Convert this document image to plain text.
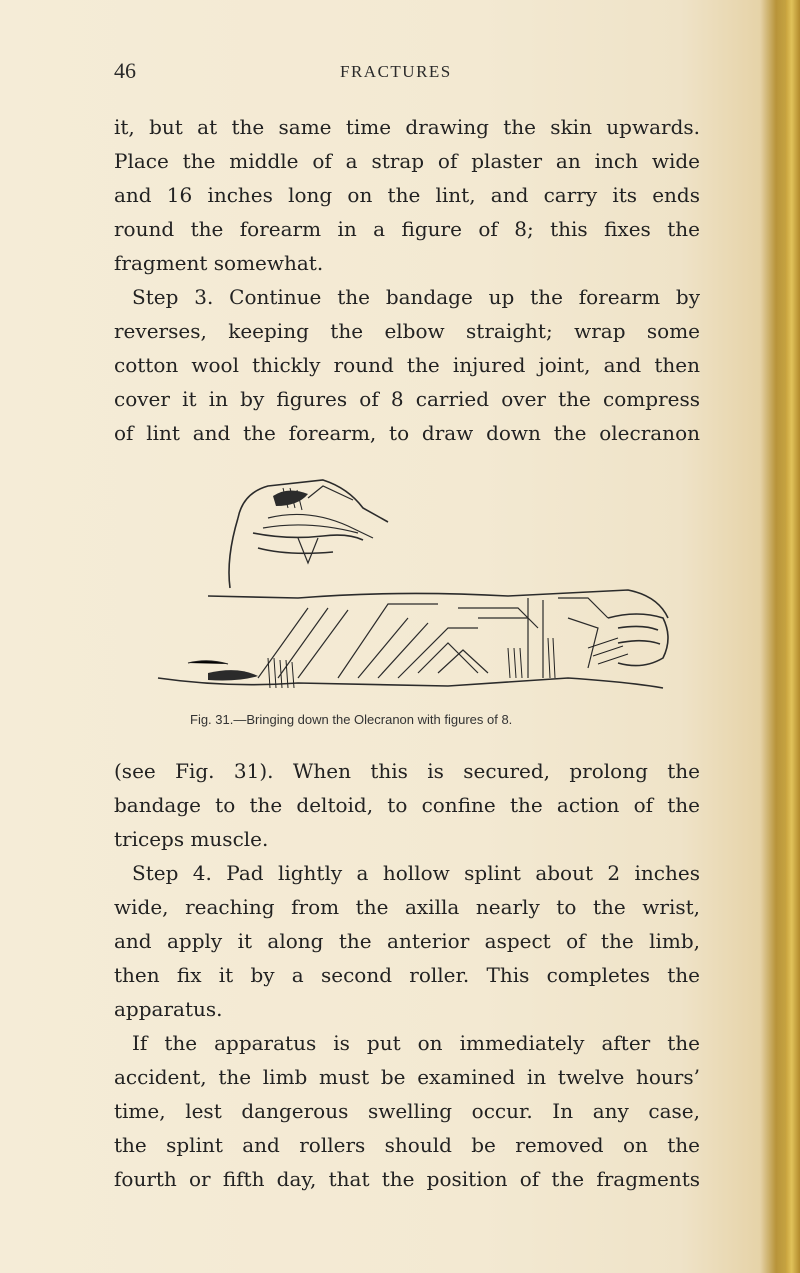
46	FRACTURES
it, but at the same time drawing the skin upwards.
Place the middle of a strap of plaster an inch wide
and 16 inches long on the lint, and carry its ends
round the forearm in a figure of 8; this fixes the
fragment somewhat.
Step 3. Continue the bandage up the forearm by
reverses, keeping the elbow straight; wrap some
cotton wool thickly round the injured joint, and then
cover it in by figures of 8 carried over the compress
of lint and the forearm, to draw down the olecranon
Fig. 31.—Bringing down the Olecranon with figures of 8.
(see Fig. 31). When this is secured, prolong the
bandage to the deltoid, to confine the action of the
triceps muscle.
Step 4. Pad lightly a hollow splint about 2 inches
wide, reaching from the axilla nearly to the wrist,
and apply it along the anterior aspect of the limb,
then fix it by a second roller. This completes the
apparatus.
If the apparatus is put on immediately after the
accident, the limb must be examined in twelve hours’
time, lest dangerous swelling occur. In any case,
the splint and rollers should be removed on the
fourth or fifth day, that the position of the fragments
